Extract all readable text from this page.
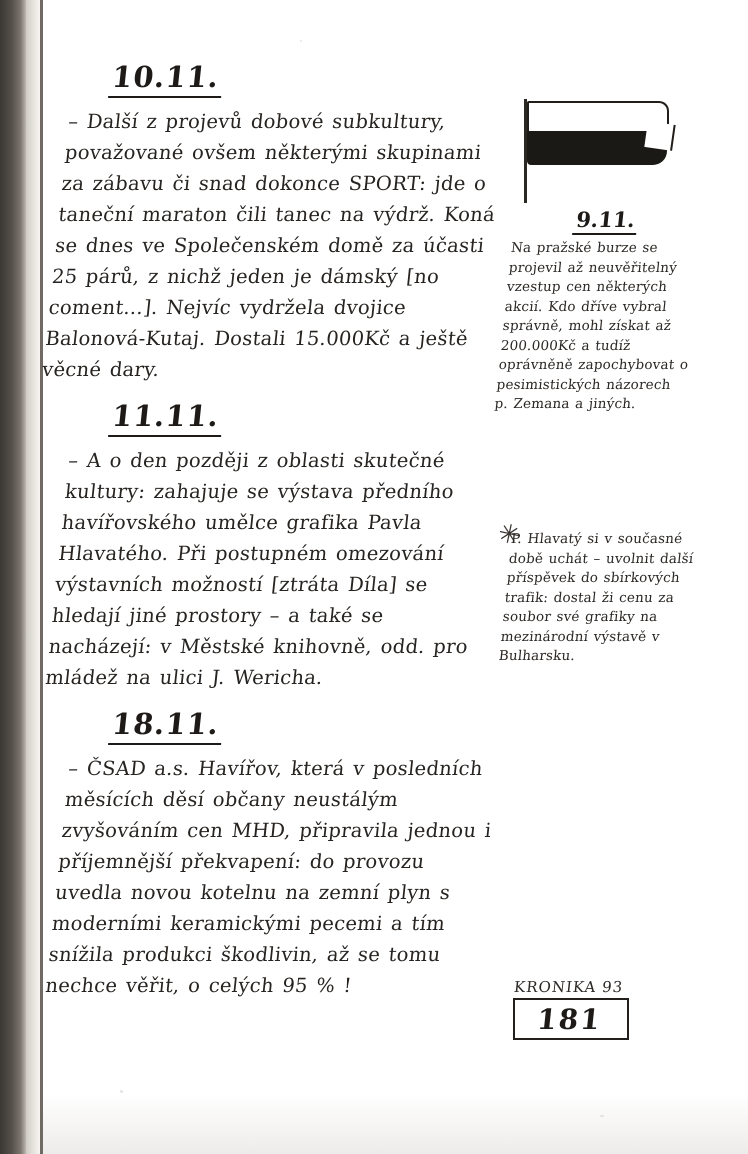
10.11.

– Další z projevů dobové subkultury, považované ovšem některými skupinami za zábavu či snad dokonce SPORT: jde o taneční maraton čili tanec na výdrž. Koná se dnes ve Společenském domě za účasti 25 párů, z nichž jeden je dámský [no coment…]. Nejvíc vydržela dvojice Balonová-Kutaj. Dostali 15.000Kč a ještě věcné dary.

11.11.

– A o den později z oblasti skutečné kultury: zahajuje se výstava předního havířovského umělce grafika Pavla Hlavatého. Při postupném omezování výstavních možností [ztráta Díla] se hledají jiné prostory – a také se nacházejí: v Městské knihovně, odd. pro mládež na ulici J. Wericha.

18.11.

– ČSAD a.s. Havířov, která v posledních měsících děsí občany neustálým zvyšováním cen MHD, připravila jednou i příjemnější překvapení: do provozu uvedla novou kotelnu na zemní plyn s moderními keramickými pecemi a tím snížila produkci škodlivin, až se tomu nechce věřit, o celých 95 % !

9.11.

Na pražské burze se projevil až neuvěřitelný vzestup cen některých akcií. Kdo dříve vybral správně, mohl získat až 200.000Kč a tudíž oprávněně zapochybovat o pesimistických názorech p. Zemana a jiných.

✳

P. Hlavatý si v současné době uchát – uvolnit další příspěvek do sbírkových trafik: dostal ži cenu za soubor své grafiky na mezinárodní výstavě v Bulharsku.

KRONIKA 93
181
